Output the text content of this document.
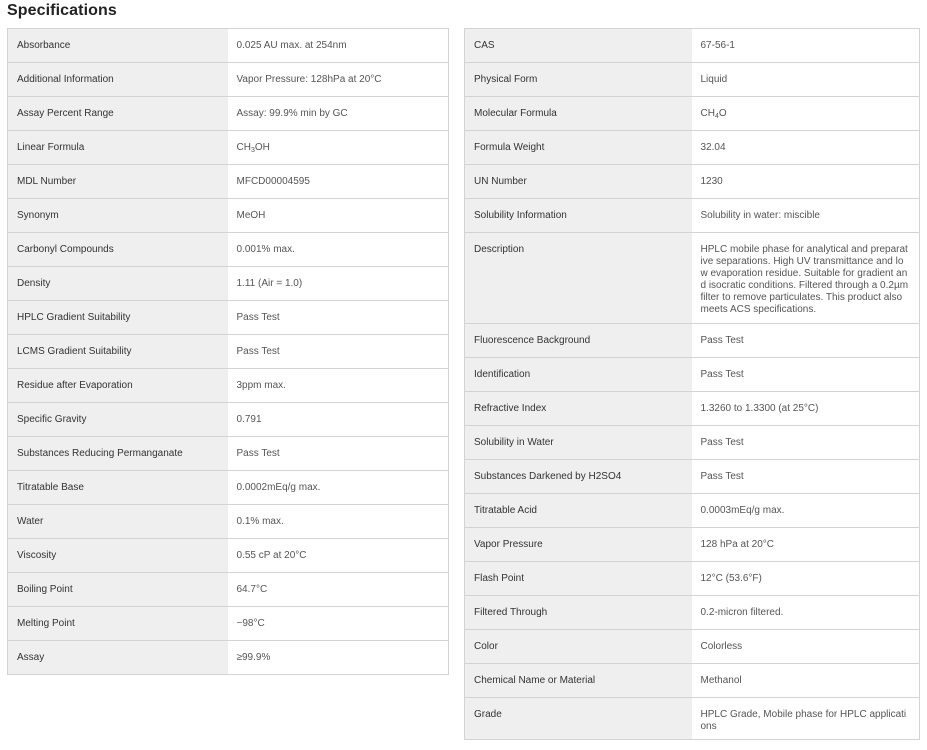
Specifications
Absorbance	0.025 AU max. at 254nm
Additional Information	Vapor Pressure: 128hPa at 20°C
Assay Percent Range	Assay: 99.9% min by GC
Linear Formula	$CH_3OH$
MDL Number	MFCD00004595
Synonym	MeOH
Carbonyl Compounds	0.001% max.
Density	1.11 (Air = 1.0)
HPLC Gradient Suitability	Pass Test
LCMS Gradient Suitability	Pass Test
Residue after Evaporation	3ppm max.
Specific Gravity	0.791
Substances Reducing Permanganate	Pass Test
Titratable Base	0.0002mEq/g max.
Water	0.1% max.
Viscosity	0.55 cP at 20°C
Boiling Point	64.7°C
Melting Point	−98°C
Assay	≥99.9%
CAS	67-56-1
Physical Form	Liquid
Molecular Formula	$CH_4O$
Formula Weight	32.04
UN Number	1230
Solubility Information	Solubility in water: miscible
Description	HPLC mobile phase for analytical and preparative separations. High UV transmittance and low evaporation residue. Suitable for gradient and isocratic conditions. Filtered through a 0.2µm filter to remove particulates. This product also meets ACS specifications.
Fluorescence Background	Pass Test
Identification	Pass Test
Refractive Index	1.3260 to 1.3300 (at 25°C)
Solubility in Water	Pass Test
Substances Darkened by H2SO4	Pass Test
Titratable Acid	0.0003mEq/g max.
Vapor Pressure	128 hPa at 20°C
Flash Point	12°C (53.6°F)
Filtered Through	0.2-micron filtered.
Color	Colorless
Chemical Name or Material	Methanol
Grade	HPLC Grade, Mobile phase for HPLC applications
